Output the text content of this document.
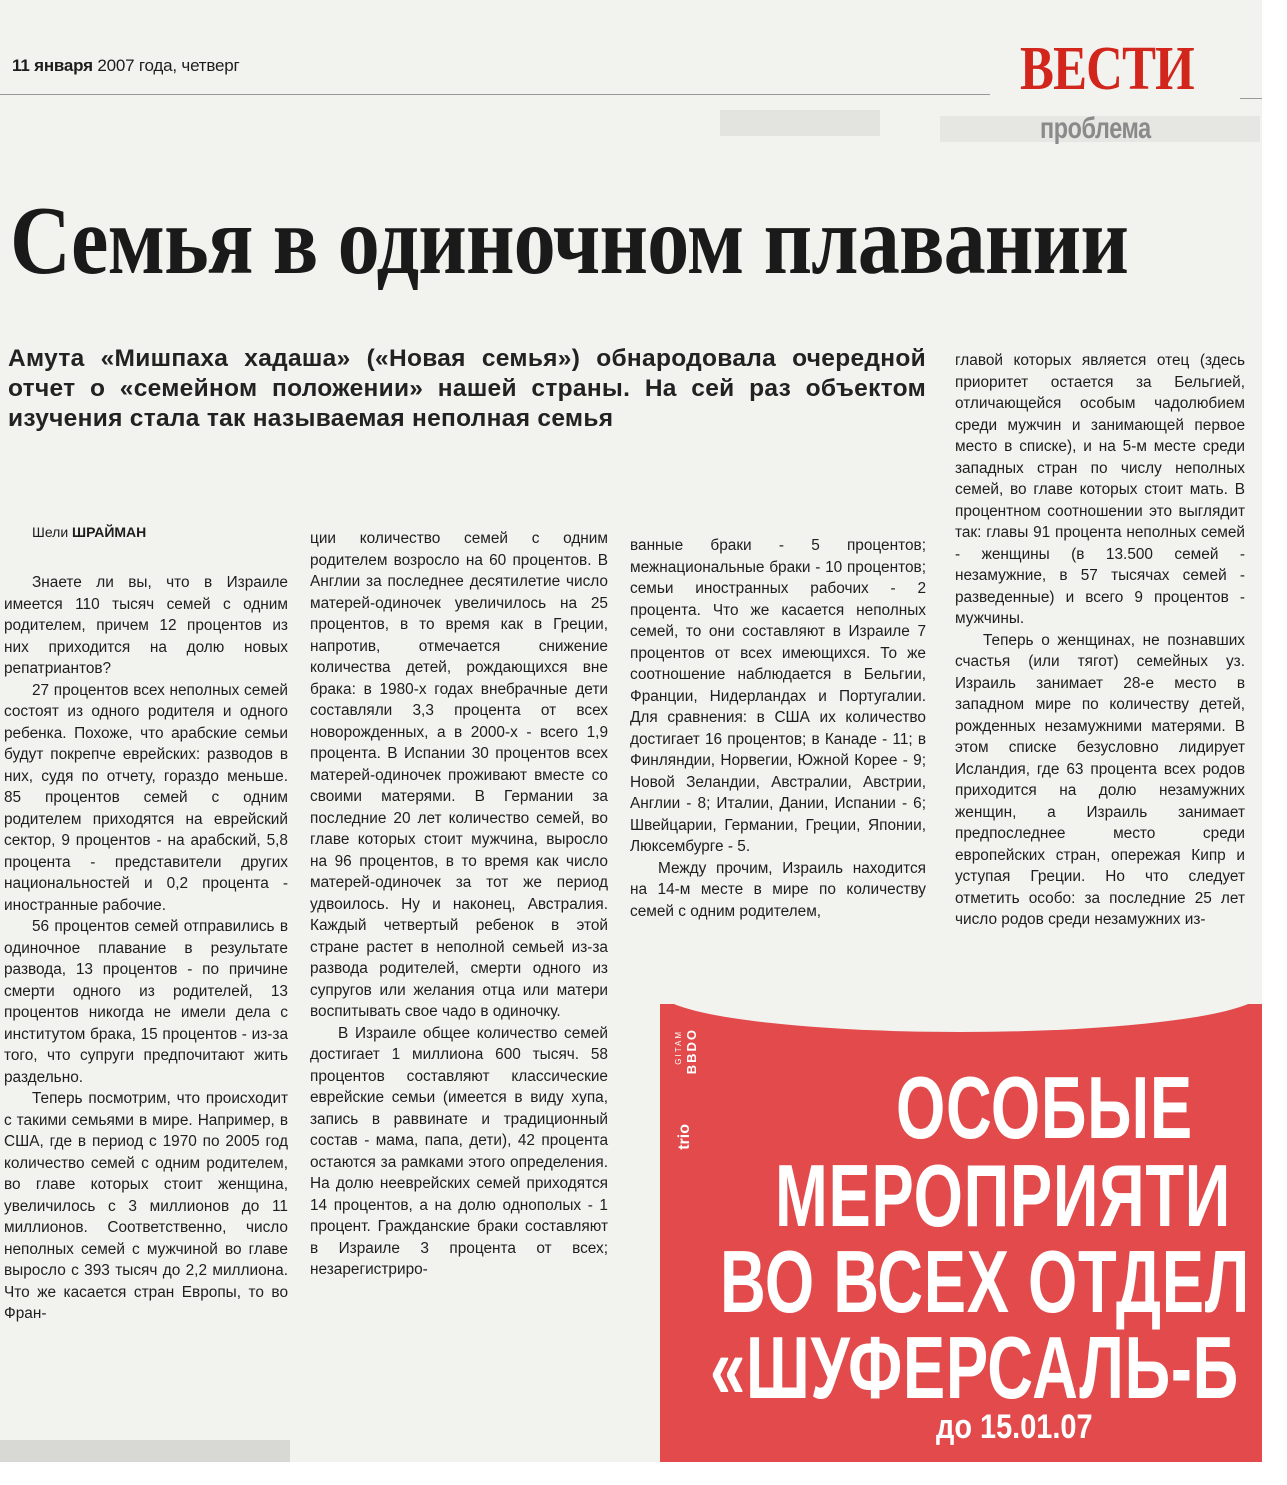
11 января 2007 года, четверг	ВЕСТИ
проблема
Семья в одиночном плавании
Амута «Мишпаха хадаша» («Новая семья») обнародовала очередной отчет о «семейном положении» нашей страны. На сей раз объектом изучения стала так называемая неполная семья
Шели ШРАЙМАН

Знаете ли вы, что в Израиле имеется 110 тысяч семей с одним родителем, причем 12 процентов из них приходится на долю новых репатриантов?

27 процентов всех неполных семей состоят из одного родителя и одного ребенка. Похоже, что арабские семьи будут покрепче еврейских: разводов в них, судя по отчету, гораздо меньше. 85 процентов семей с одним родителем приходятся на еврейский сектор, 9 процентов - на арабский, 5,8 процента - представители других национальностей и 0,2 процента - иностранные рабочие.

56 процентов семей отправились в одиночное плавание в результате развода, 13 процентов - по причине смерти одного из родителей, 13 процентов никогда не имели дела с институтом брака, 15 процентов - из-за того, что супруги предпочитают жить раздельно.

Теперь посмотрим, что происходит с такими семьями в мире. Например, в США, где в период с 1970 по 2005 год количество семей с одним родителем, во главе которых стоит женщина, увеличилось с 3 миллионов до 11 миллионов. Соответственно, число неполных семей с мужчиной во главе выросло с 393 тысяч до 2,2 миллиона. Что же касается стран Европы, то во Фран-

ции количество семей с одним родителем возросло на 60 процентов. В Англии за последнее десятилетие число матерей-одиночек увеличилось на 25 процентов, в то время как в Греции, напротив, отмечается снижение количества детей, рождающихся вне брака: в 1980-х годах внебрачные дети составляли 3,3 процента от всех новорожденных, а в 2000-х - всего 1,9 процента. В Испании 30 процентов всех матерей-одиночек проживают вместе со своими матерями. В Германии за последние 20 лет количество семей, во главе которых стоит мужчина, выросло на 96 процентов, в то время как число матерей-одиночек за тот же период удвоилось. Ну и наконец, Австралия. Каждый четвертый ребенок в этой стране растет в неполной семьей из-за развода родителей, смерти одного из супругов или желания отца или матери воспитывать свое чадо в одиночку.

В Израиле общее количество семей достигает 1 миллиона 600 тысяч. 58 процентов составляют классические еврейские семьи (имеется в виду хупа, запись в раввинате и традиционный состав - мама, папа, дети), 42 процента остаются за рамками этого определения. На долю нееврейских семей приходятся 14 процентов, а на долю однополых - 1 процент. Гражданские браки составляют в Израиле 3 процента от всех; незарегистриро-

ванные браки - 5 процентов; межнациональные браки - 10 процентов; семьи иностранных рабочих - 2 процента. Что же касается неполных семей, то они составляют в Израиле 7 процентов от всех имеющихся. То же соотношение наблюдается в Бельгии, Франции, Нидерландах и Португалии. Для сравнения: в США их количество достигает 16 процентов; в Канаде - 11; в Финляндии, Норвегии, Южной Корее - 9; Новой Зеландии, Австралии, Австрии, Англии - 8; Италии, Дании, Испании - 6; Швейцарии, Германии, Греции, Японии, Люксембурге - 5.

Между прочим, Израиль находится на 14-м месте в мире по количеству семей с одним родителем,

главой которых является отец (здесь приоритет остается за Бельгией, отличающейся особым чадолюбием среди мужчин и занимающей первое место в списке), и на 5-м месте среди западных стран по числу неполных семей, во главе которых стоит мать. В процентном соотношении это выглядит так: главы 91 процента неполных семей - женщины (в 13.500 семей - незамужние, в 57 тысячах семей - разведенные) и всего 9 процентов - мужчины.

Теперь о женщинах, не познавших счастья (или тягот) семейных уз. Израиль занимает 28-е место в западном мире по количеству детей, рожденных незамужними матерями. В этом списке безусловно лидирует Исландия, где 63 процента всех родов приходится на долю незамужних женщин, а Израиль занимает предпоследнее место среди европейских стран, опережая Кипр и уступая Греции. Но что следует отметить особо: за последние 25 лет число родов среди незамужних из-

BBDO
GITAM
trio ОСОБЫЕ
МЕРОПРИЯТИ
ВО ВСЕХ ОТДЕЛ
«ШУФЕРСАЛЬ-Б
до 15.01.07
